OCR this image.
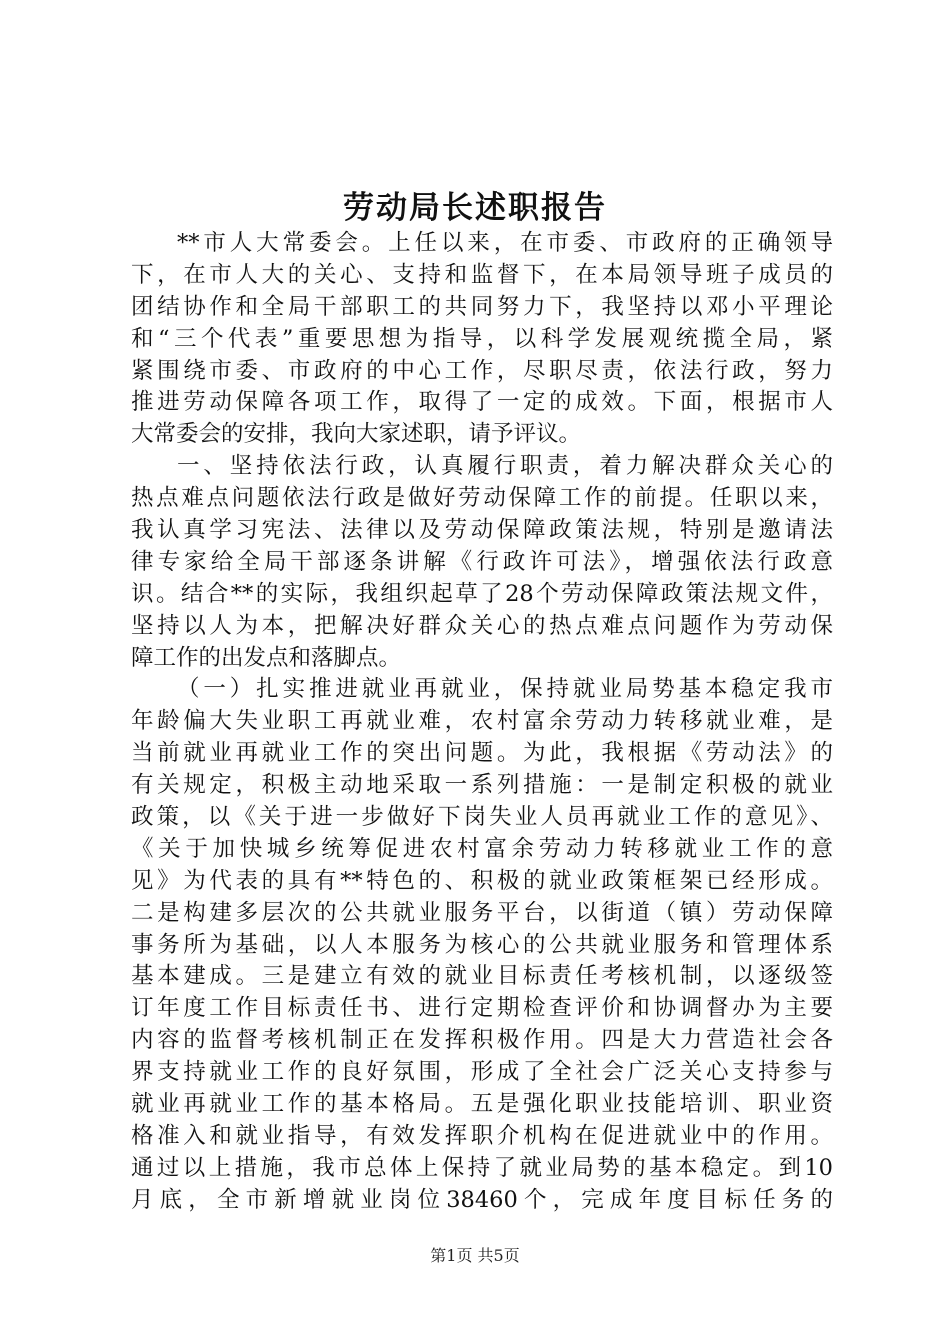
劳动局长述职报告
**市人大常委会。上任以来，在市委、市政府的正确领导
下，在市人大的关心、支持和监督下，在本局领导班子成员的
团结协作和全局干部职工的共同努力下，我坚持以邓小平理论
和“三个代表”重要思想为指导，以科学发展观统揽全局，紧
紧围绕市委、市政府的中心工作，尽职尽责，依法行政，努力
推进劳动保障各项工作，取得了一定的成效。下面，根据市人
大常委会的安排，我向大家述职，请予评议。
一、坚持依法行政，认真履行职责，着力解决群众关心的
热点难点问题依法行政是做好劳动保障工作的前提。任职以来，
我认真学习宪法、法律以及劳动保障政策法规，特别是邀请法
律专家给全局干部逐条讲解《行政许可法》，增强依法行政意
识。结合**的实际，我组织起草了28个劳动保障政策法规文件，
坚持以人为本，把解决好群众关心的热点难点问题作为劳动保
障工作的出发点和落脚点。
（一）扎实推进就业再就业，保持就业局势基本稳定我市
年龄偏大失业职工再就业难，农村富余劳动力转移就业难，是
当前就业再就业工作的突出问题。为此，我根据《劳动法》的
有关规定，积极主动地采取一系列措施：一是制定积极的就业
政策，以《关于进一步做好下岗失业人员再就业工作的意见》、
《关于加快城乡统筹促进农村富余劳动力转移就业工作的意
见》为代表的具有**特色的、积极的就业政策框架已经形成。
二是构建多层次的公共就业服务平台，以街道（镇）劳动保障
事务所为基础，以人本服务为核心的公共就业服务和管理体系
基本建成。三是建立有效的就业目标责任考核机制，以逐级签
订年度工作目标责任书、进行定期检查评价和协调督办为主要
内容的监督考核机制正在发挥积极作用。四是大力营造社会各
界支持就业工作的良好氛围，形成了全社会广泛关心支持参与
就业再就业工作的基本格局。五是强化职业技能培训、职业资
格准入和就业指导，有效发挥职介机构在促进就业中的作用。
通过以上措施，我市总体上保持了就业局势的基本稳定。到10
月底，全市新增就业岗位38460个，完成年度目标任务的
第1页 共5页
